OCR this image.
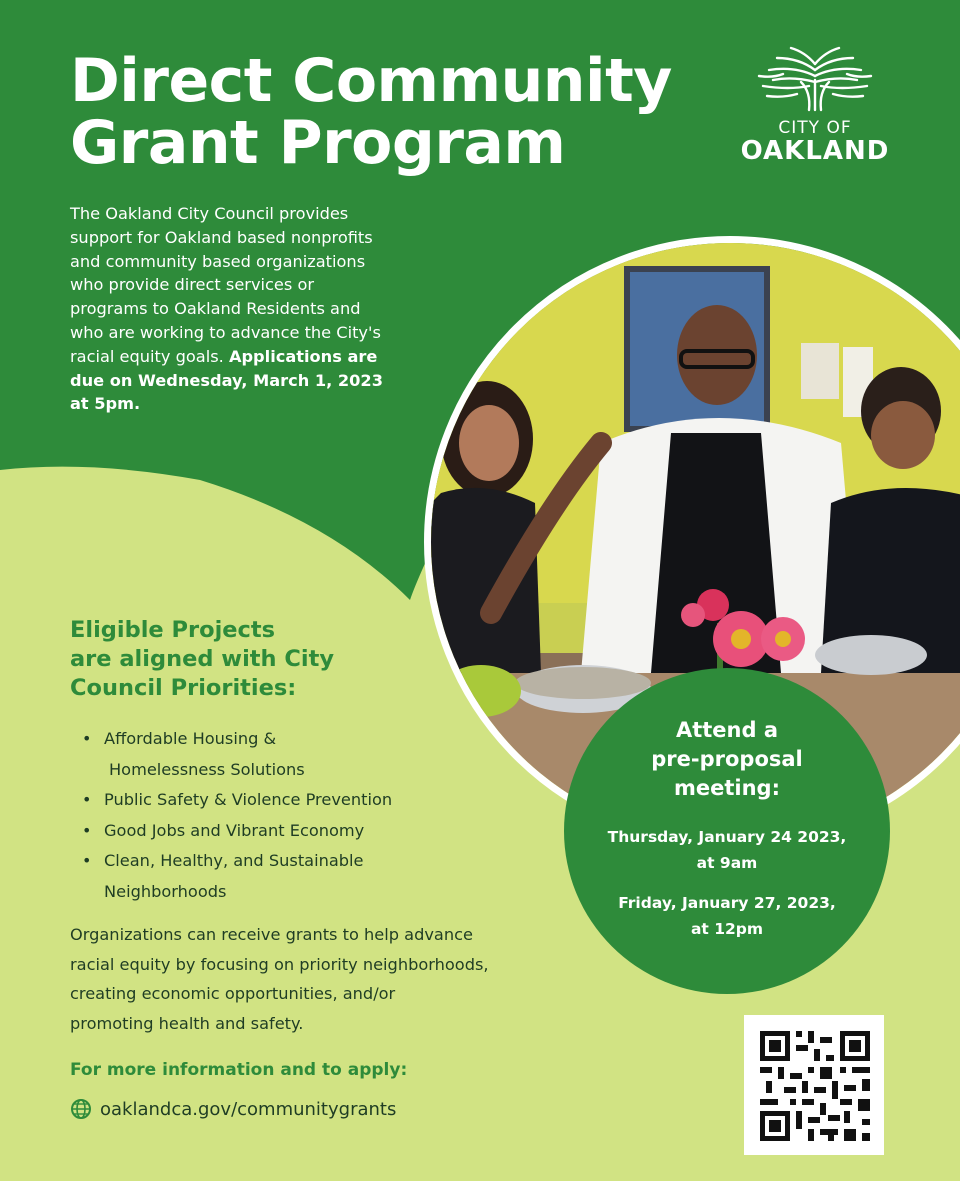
Direct Community
Grant Program	CITY OF
OAKLAND

The Oakland City Council provides
support for Oakland based nonprofits
and community based organizations
who provide direct services or
programs to Oakland Residents and
who are working to advance the City's
racial equity goals. Applications are
due on Wednesday, March 1, 2023
at 5pm.

Eligible Projects
are aligned with City
Council Priorities:
• Affordable Housing &
Homelessness Solutions
• Public Safety & Violence Prevention
• Good Jobs and Vibrant Economy
• Clean, Healthy, and Sustainable
Neighborhoods

Organizations can receive grants to help advance
racial equity by focusing on priority neighborhoods,
creating economic opportunities, and/or
promoting health and safety.

For more information and to apply:
oaklandca.gov/communitygrants
Attend a
pre-proposal
meeting:
Thursday, January 24 2023,
at 9am
Friday, January 27, 2023,
at 12pm
